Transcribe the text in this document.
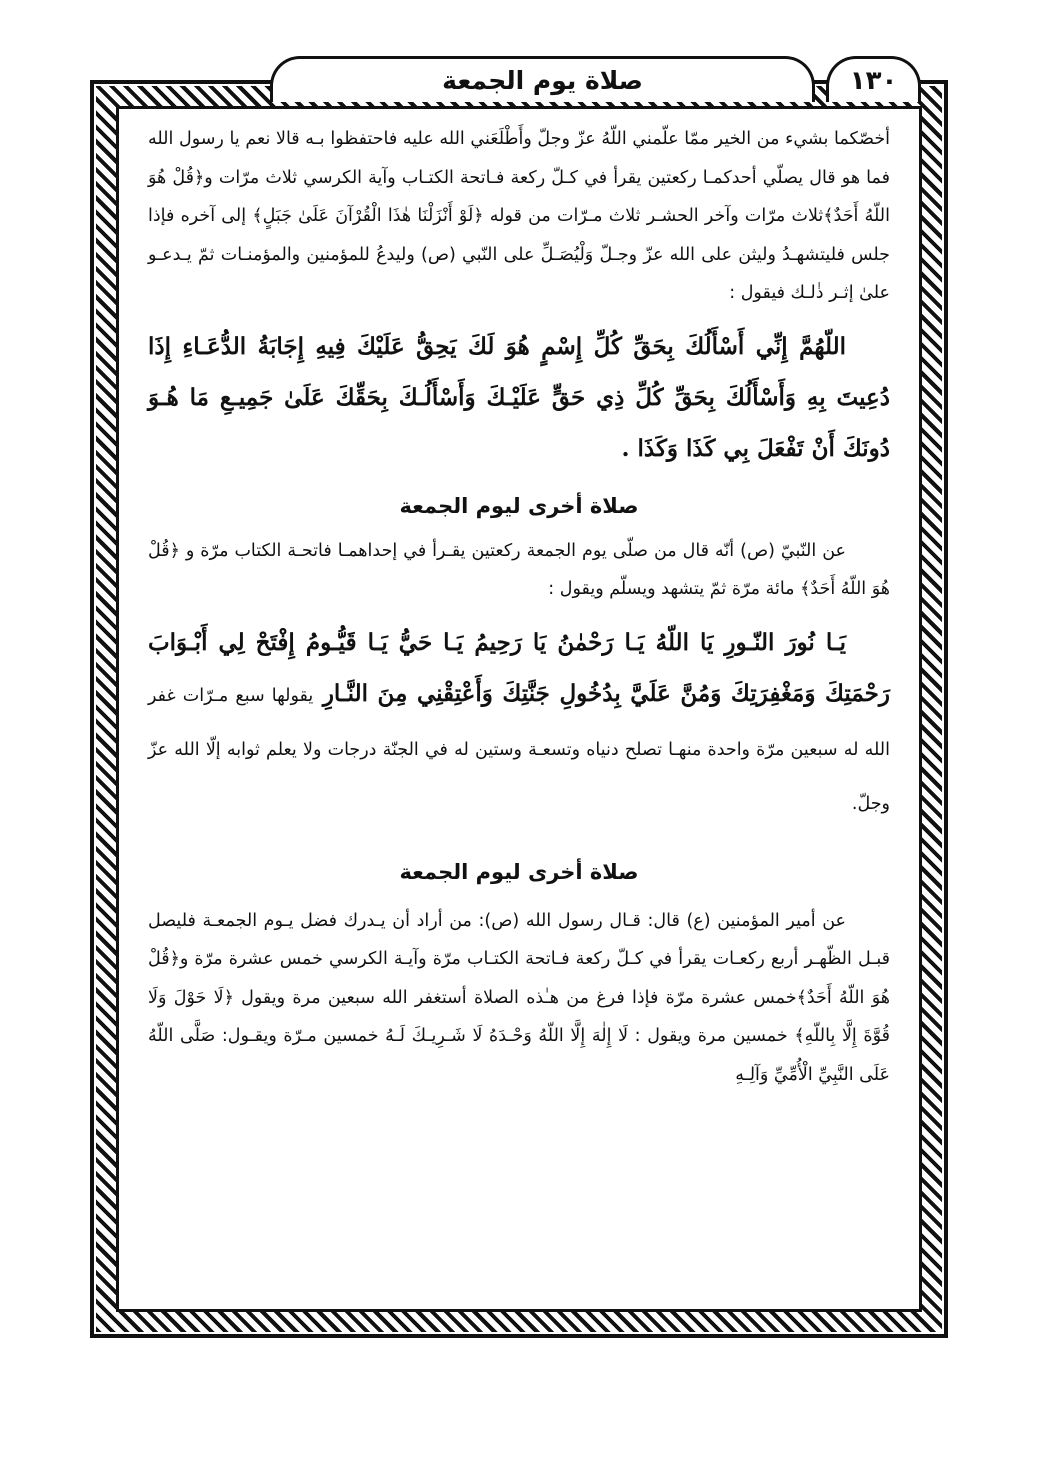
صلاة يوم الجمعة	١٣٠

أخصّكما بشيء من الخير ممّا علّمني اللّهُ عزّ وجلّ وأَطْلَعَني الله عليه فاحتفظوا بـه قالا نعم يا رسول الله فما هو قال يصلّي أحدكمـا ركعتين يقرأ في كـلّ ركعة فـاتحة الكتـاب وآية الكرسي ثلاث مرّات و﴿قُلْ هُوَ اللّهُ أَحَدٌ﴾ثلاث مرّات وآخر الحشـر ثلاث مـرّات من قوله ﴿لَوْ أَنْزَلْنَا هٰذَا الْقُرْآنَ عَلَىٰ جَبَلٍ﴾ إلى آخره فإذا جلس فليتشهـدُ وليثن على الله عزّ وجـلّ وَلْيُصَـلِّ على النّبي (ص) وليدعُ للمؤمنين والمؤمنـات ثمّ يـدعـو علىٰ إثـر ذٰلـك فيقول :

اللّهُمَّ إِنِّي أَسْأَلُكَ بِحَقِّ كُلِّ إِسْمٍ هُوَ لَكَ يَحِقُّ عَلَيْكَ فِيهِ إِجَابَةُ الدُّعَـاءِ إِذَا دُعِيتَ بِهِ وَأَسْأَلُكَ بِحَقِّ كُلِّ ذِي حَقٍّ عَلَيْـكَ وَأَسْأَلُـكَ بِحَقِّكَ عَلَىٰ جَمِيـعِ مَا هُـوَ دُونَكَ أَنْ تَفْعَلَ بِي كَذَا وَكَذَا .

صلاة أخرى ليوم الجمعة

عن النّبيّ (ص) أنّه قال من صلّى يوم الجمعة ركعتين يقـرأ في إحداهمـا فاتحـة الكتاب مرّة و ﴿قُلْ هُوَ اللّهُ أَحَدٌ﴾ مائة مرّة ثمّ يتشهد ويسلّم ويقول :

يَـا نُورَ النّـورِ يَا اللّهُ يَـا رَحْمٰنُ يَا رَحِيمُ يَـا حَيُّ يَـا قَيُّـومُ إِفْتَحْ لِي أَبْـوَابَ رَحْمَتِكَ وَمَغْفِرَتِكَ وَمُنَّ عَلَيَّ بِدُخُولِ جَنَّتِكَ وَأَعْتِقْنِي مِنَ النَّـارِ يقولها سبع مـرّات غفر الله له سبعين مرّة واحدة منهـا تصلح دنياه وتسعـة وستين له في الجنّة درجات ولا يعلم ثوابه إلّا الله عزّ وجلّ.

صلاة أخرى ليوم الجمعة

عن أمير المؤمنين (ع) قال: قـال رسول الله (ص): من أراد أن يـدرك فضل يـوم الجمعـة فليصل قبـل الظّهـر أربع ركعـات يقرأ في كـلّ ركعة فـاتحة الكتـاب مرّة وآيـة الكرسي خمس عشرة مرّة و﴿قُلْ هُوَ اللّهُ أَحَدٌ﴾خمس عشرة مرّة فإذا فرغ من هـٰذه الصلاة أستغفر الله سبعين مرة ويقول ﴿لَا حَوْلَ وَلَا قُوَّةَ إِلَّا بِاللّهِ﴾ خمسين مرة ويقول : لَا إِلٰهَ إِلَّا اللّهُ وَحْـدَهُ لَا شَـرِيـكَ لَـهُ خمسين مـرّة ويقـول: صَلَّى اللّهُ عَلَى النَّبِيِّ الْأُمِّيِّ وَآلِـهِ
